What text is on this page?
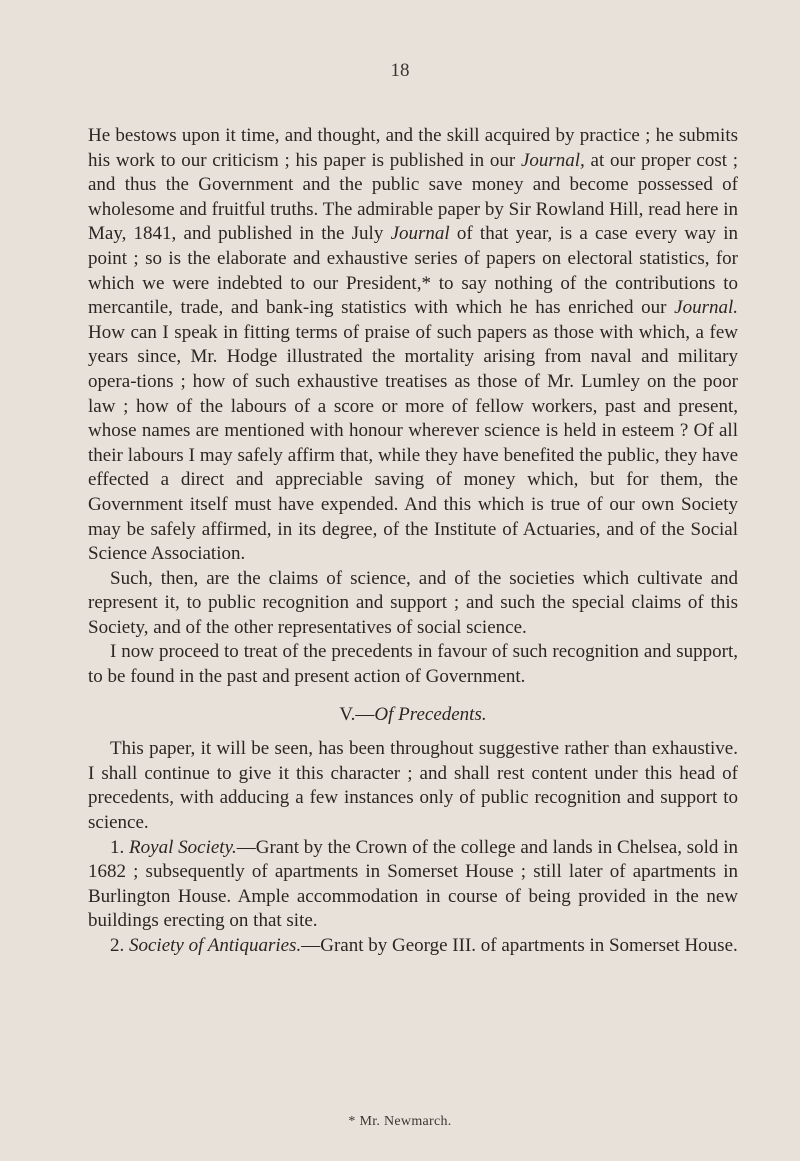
18

He bestows upon it time, and thought, and the skill acquired by practice ; he submits his work to our criticism ; his paper is published in our Journal, at our proper cost ; and thus the Government and the public save money and become possessed of wholesome and fruitful truths. The admirable paper by Sir Rowland Hill, read here in May, 1841, and published in the July Journal of that year, is a case every way in point ; so is the elaborate and exhaustive series of papers on electoral statistics, for which we were indebted to our President,* to say nothing of the contributions to mercantile, trade, and bank-ing statistics with which he has enriched our Journal. How can I speak in fitting terms of praise of such papers as those with which, a few years since, Mr. Hodge illustrated the mortality arising from naval and military opera-tions ; how of such exhaustive treatises as those of Mr. Lumley on the poor law ; how of the labours of a score or more of fellow workers, past and present, whose names are mentioned with honour wherever science is held in esteem ? Of all their labours I may safely affirm that, while they have benefited the public, they have effected a direct and appreciable saving of money which, but for them, the Government itself must have expended. And this which is true of our own Society may be safely affirmed, in its degree, of the Institute of Actuaries, and of the Social Science Association.

Such, then, are the claims of science, and of the societies which cultivate and represent it, to public recognition and support ; and such the special claims of this Society, and of the other representatives of social science.

I now proceed to treat of the precedents in favour of such recognition and support, to be found in the past and present action of Government.

V.—Of Precedents.

This paper, it will be seen, has been throughout suggestive rather than exhaustive. I shall continue to give it this character ; and shall rest content under this head of precedents, with adducing a few instances only of public recognition and support to science.

1. Royal Society.—Grant by the Crown of the college and lands in Chelsea, sold in 1682 ; subsequently of apartments in Somerset House ; still later of apartments in Burlington House. Ample accommodation in course of being provided in the new buildings erecting on that site.

2. Society of Antiquaries.—Grant by George III. of apartments in Somerset House.

* Mr. Newmarch.
